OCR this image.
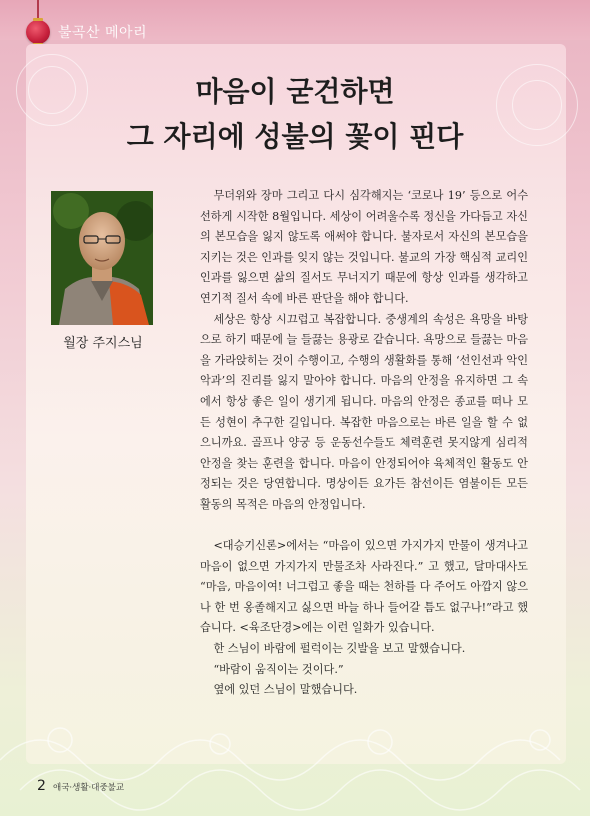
불곡산 메아리
마음이 굳건하면
그 자리에 성불의 꽃이 핀다
월장 주지스님

무더위와 장마 그리고 다시 심각해지는 ‘코로나 19’ 등으로 어수선하게 시작한 8월입니다. 세상이 어려울수록 정신을 가다듬고 자신의 본모습을 잃지 않도록 애써야 합니다. 불자로서 자신의 본모습을 지키는 것은 인과를 잊지 않는 것입니다. 불교의 가장 핵심적 교리인 인과를 잃으면 삶의 질서도 무너지기 때문에 항상 인과를 생각하고 연기적 질서 속에 바른 판단을 해야 합니다.

세상은 항상 시끄럽고 복잡합니다. 중생계의 속성은 욕망을 바탕으로 하기 때문에 늘 들끓는 용광로 같습니다. 욕망으로 들끓는 마음을 가라앉히는 것이 수행이고, 수행의 생활화를 통해 ‘선인선과 악인악과’의 진리를 잃지 말아야 합니다. 마음의 안정을 유지하면 그 속에서 항상 좋은 일이 생기게 됩니다. 마음의 안정은 종교를 떠나 모든 성현이 추구한 길입니다. 복잡한 마음으로는 바른 일을 할 수 없으니까요. 골프나 양궁 등 운동선수들도 체력훈련 못지않게 심리적 안정을 찾는 훈련을 합니다. 마음이 안정되어야 육체적인 활동도 안정되는 것은 당연합니다. 명상이든 요가든 참선이든 염불이든 모든 활동의 목적은 마음의 안정입니다.

<대승기신론>에서는 “마음이 있으면 가지가지 만물이 생겨나고 마음이 없으면 가지가지 만물조차 사라진다.” 고 했고, 달마대사도 “마음, 마음이여! 너그럽고 좋을 때는 천하를 다 주어도 아깝지 않으나 한 번 옹졸해지고 싫으면 바늘 하나 들어갈 틈도 없구나!”라고 했습니다. <육조단경>에는 이런 일화가 있습니다.

한 스님이 바람에 펄럭이는 깃발을 보고 말했습니다.

“바람이 움직이는 것이다.”

옆에 있던 스님이 말했습니다.

2 애국·생활·대중불교
